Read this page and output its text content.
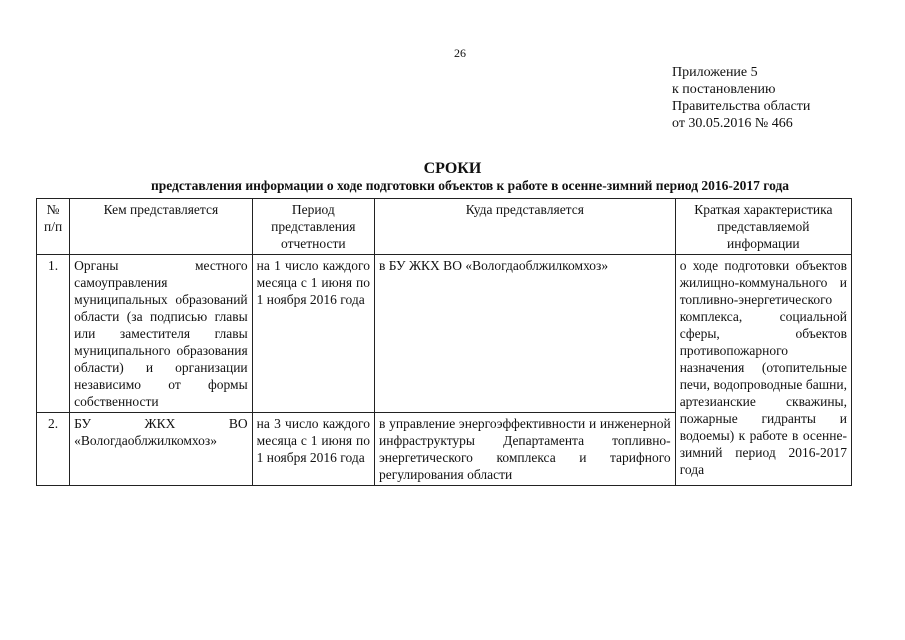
26
Приложение 5
к постановлению
Правительства области
от 30.05.2016 № 466
СРОКИ
представления информации о ходе подготовки объектов к работе в осенне-зимний период 2016-2017 года
№ п/п	Кем представляется	Период представления отчетности	Куда представляется	Краткая характеристика представляемой информации
1.	Органы местного самоуправления муниципальных образований области (за подписью главы или заместителя главы муниципального образования области) и организации независимо от формы собственности	на 1 число каждого месяца с 1 июня по 1 ноября 2016 года	в БУ ЖКХ ВО «Вологдаоблжилкомхоз»	о ходе подготовки объектов жилищно-коммунального и топливно-энергетического комплекса, социальной сферы, объектов противопожарного назначения (отопительные печи, водопроводные башни, артезианские скважины, пожарные гидранты и водоемы) к работе в осенне-зимний период 2016-2017 года
2.	БУ ЖКХ ВО «Вологдаоблжилкомхоз»	на 3 число каждого месяца с 1 июня по 1 ноября 2016 года	в управление энергоэффективности и инженерной инфраструктуры Департамента топливно-энергетического комплекса и тарифного регулирования области	
